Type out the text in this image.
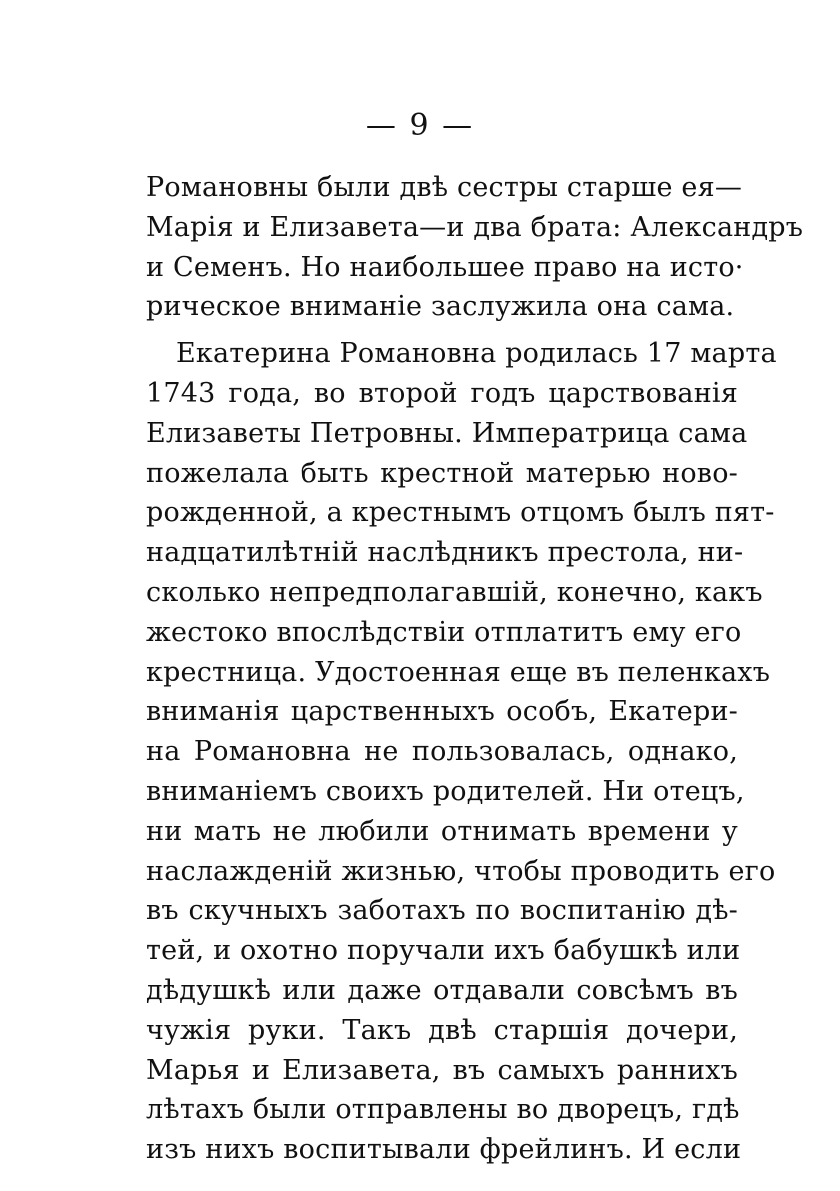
— 9 —
Романовны были двѣ сестры старше ея—
Марія и Елизавета—и два брата: Александръ
и Семенъ. Но наибольшее право на исто·
рическое вниманіе заслужила она сама.
Екатерина Романовна родилась 17 марта
1743 года, во второй годъ царствованія
Елизаветы Петровны. Императрица сама
пожелала быть крестной матерью ново-
рожденной, а крестнымъ отцомъ былъ пят-
надцатилѣтній наслѣдникъ престола, ни-
сколько непредполагавшій, конечно, какъ
жестоко впослѣдствіи отплатитъ ему его
крестница. Удостоенная еще въ пеленкахъ
вниманія царственныхъ особъ, Екатери-
на Романовна не пользовалась, однако,
вниманіемъ своихъ родителей. Ни отецъ,
ни мать не любили отнимать времени у
наслажденій жизнью, чтобы проводить его
въ скучныхъ заботахъ по воспитанію дѣ-
тей, и охотно поручали ихъ бабушкѣ или
дѣдушкѣ или даже отдавали совсѣмъ въ
чужія руки. Такъ двѣ старшія дочери,
Марья и Елизавета, въ самыхъ раннихъ
лѣтахъ были отправлены во дворецъ, гдѣ
изъ нихъ воспитывали фрейлинъ. И если
